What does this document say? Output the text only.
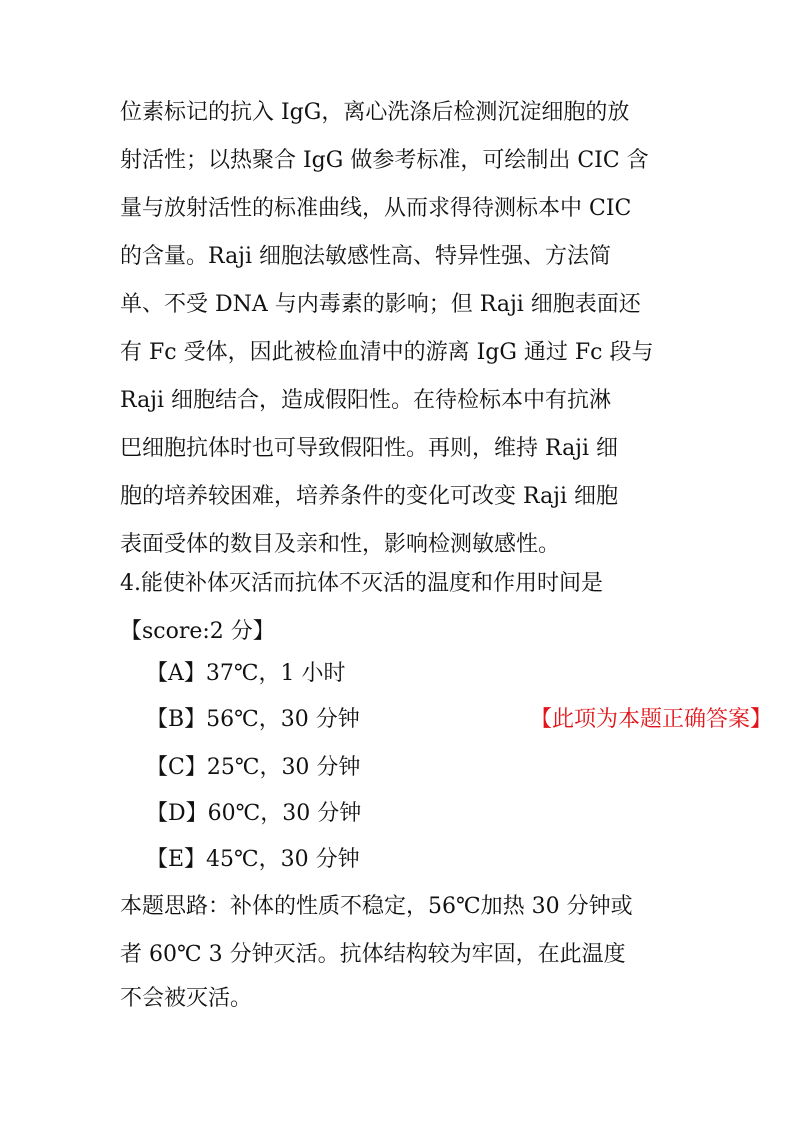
位素标记的抗入 IgG，离心洗涤后检测沉淀细胞的放
射活性；以热聚合 IgG 做参考标准，可绘制出 CIC 含
量与放射活性的标准曲线，从而求得待测标本中 CIC
的含量。Raji 细胞法敏感性高、特异性强、方法简
单、不受 DNA 与内毒素的影响；但 Raji 细胞表面还
有 Fc 受体，因此被检血清中的游离 IgG 通过 Fc 段与
Raji 细胞结合，造成假阳性。在待检标本中有抗淋
巴细胞抗体时也可导致假阳性。再则，维持 Raji 细
胞的培养较困难，培养条件的变化可改变 Raji 细胞
表面受体的数目及亲和性，影响检测敏感性。
4.能使补体灭活而抗体不灭活的温度和作用时间是
【score:2 分】
【A】37℃，1 小时
【B】56℃，30 分钟	【此项为本题正确答案】
【C】25℃，30 分钟
【D】60℃，30 分钟
【E】45℃，30 分钟
本题思路：补体的性质不稳定，56℃加热 30 分钟或
者 60℃ 3 分钟灭活。抗体结构较为牢固，在此温度
不会被灭活。
